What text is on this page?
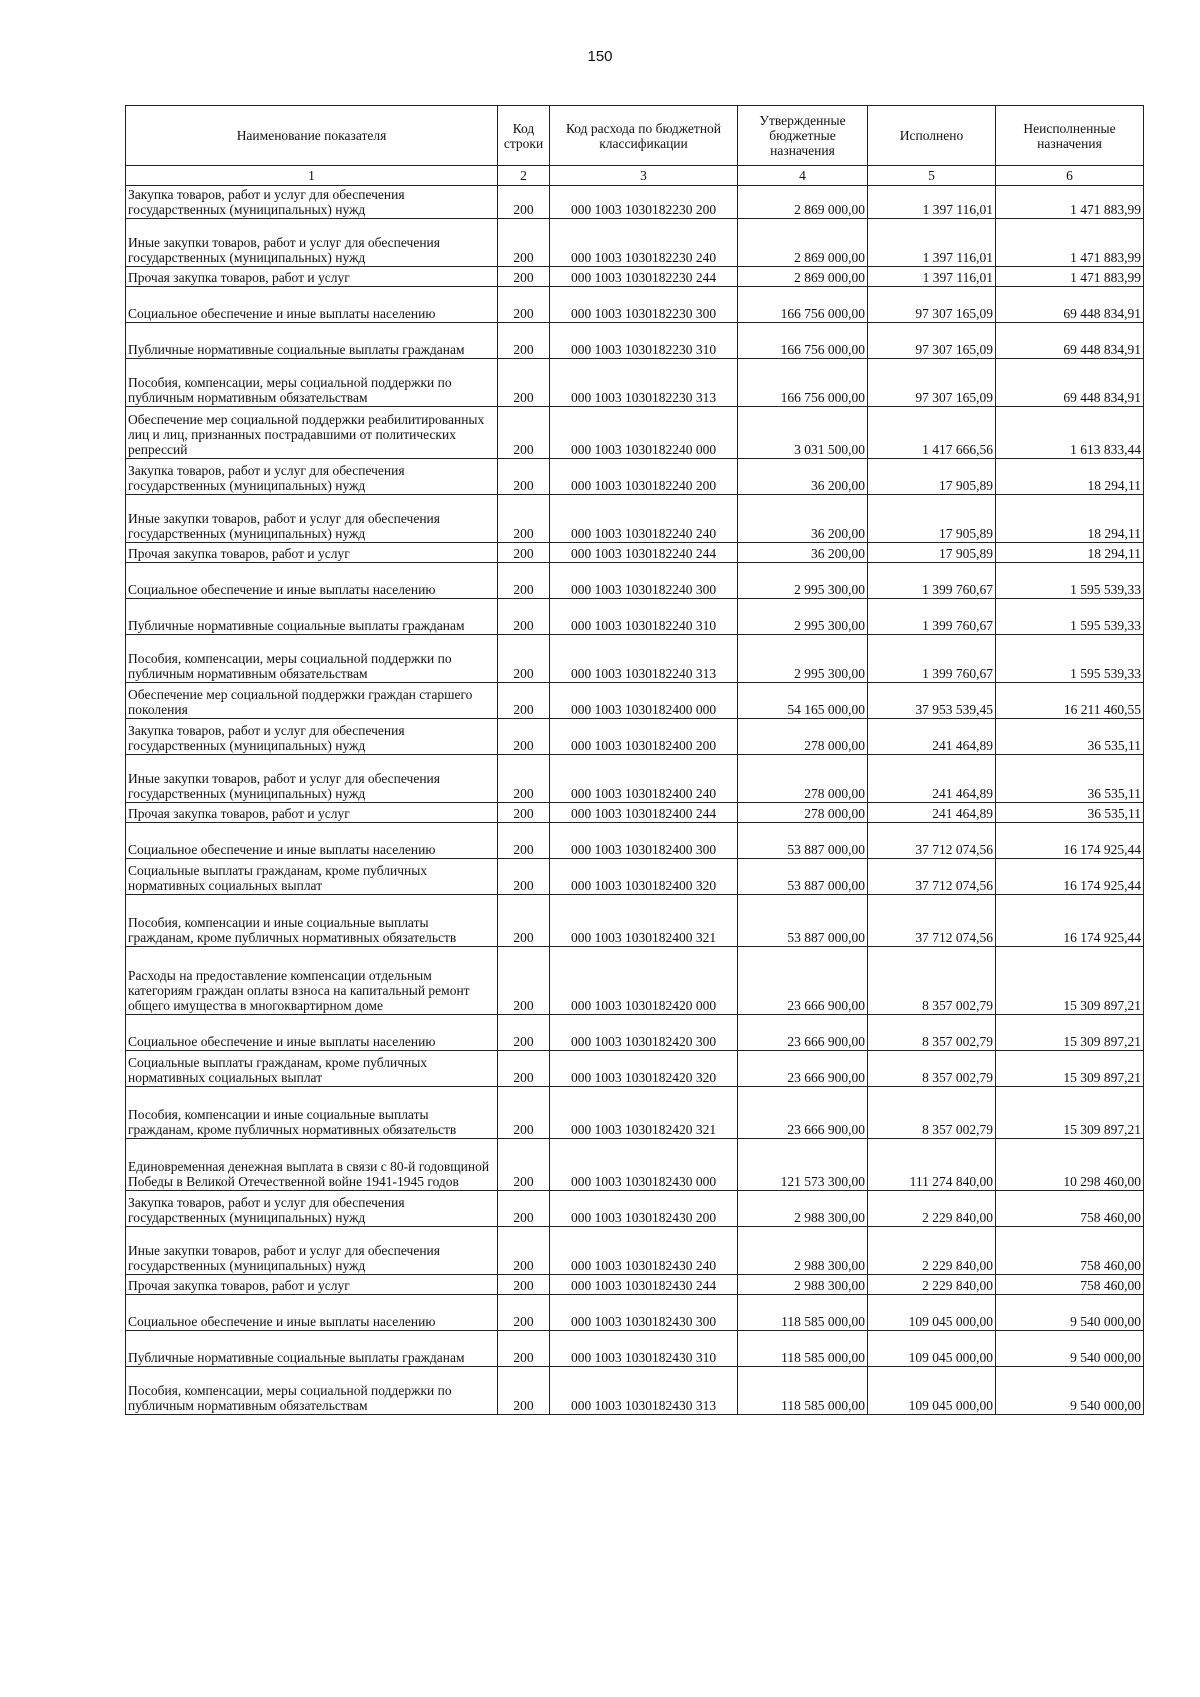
150
Наименование показателя	Код строки	Код расхода по бюджетной классификации	Утвержденные бюджетные назначения	Исполнено	Неисполненные назначения
1	2	3	4	5	6
Закупка товаров, работ и услуг для обеспечения государственных (муниципальных) нужд	200	000 1003 1030182230 200	2 869 000,00	1 397 116,01	1 471 883,99
Иные закупки товаров, работ и услуг для обеспечения государственных (муниципальных) нужд	200	000 1003 1030182230 240	2 869 000,00	1 397 116,01	1 471 883,99
Прочая закупка товаров, работ и услуг	200	000 1003 1030182230 244	2 869 000,00	1 397 116,01	1 471 883,99
Социальное обеспечение и иные выплаты населению	200	000 1003 1030182230 300	166 756 000,00	97 307 165,09	69 448 834,91
Публичные нормативные социальные выплаты гражданам	200	000 1003 1030182230 310	166 756 000,00	97 307 165,09	69 448 834,91
Пособия, компенсации, меры социальной поддержки по публичным нормативным обязательствам	200	000 1003 1030182230 313	166 756 000,00	97 307 165,09	69 448 834,91
Обеспечение мер социальной поддержки реабилитированных лиц и лиц, признанных пострадавшими от политических репрессий	200	000 1003 1030182240 000	3 031 500,00	1 417 666,56	1 613 833,44
Закупка товаров, работ и услуг для обеспечения государственных (муниципальных) нужд	200	000 1003 1030182240 200	36 200,00	17 905,89	18 294,11
Иные закупки товаров, работ и услуг для обеспечения государственных (муниципальных) нужд	200	000 1003 1030182240 240	36 200,00	17 905,89	18 294,11
Прочая закупка товаров, работ и услуг	200	000 1003 1030182240 244	36 200,00	17 905,89	18 294,11
Социальное обеспечение и иные выплаты населению	200	000 1003 1030182240 300	2 995 300,00	1 399 760,67	1 595 539,33
Публичные нормативные социальные выплаты гражданам	200	000 1003 1030182240 310	2 995 300,00	1 399 760,67	1 595 539,33
Пособия, компенсации, меры социальной поддержки по публичным нормативным обязательствам	200	000 1003 1030182240 313	2 995 300,00	1 399 760,67	1 595 539,33
Обеспечение мер социальной поддержки граждан старшего поколения	200	000 1003 1030182400 000	54 165 000,00	37 953 539,45	16 211 460,55
Закупка товаров, работ и услуг для обеспечения государственных (муниципальных) нужд	200	000 1003 1030182400 200	278 000,00	241 464,89	36 535,11
Иные закупки товаров, работ и услуг для обеспечения государственных (муниципальных) нужд	200	000 1003 1030182400 240	278 000,00	241 464,89	36 535,11
Прочая закупка товаров, работ и услуг	200	000 1003 1030182400 244	278 000,00	241 464,89	36 535,11
Социальное обеспечение и иные выплаты населению	200	000 1003 1030182400 300	53 887 000,00	37 712 074,56	16 174 925,44
Социальные выплаты гражданам, кроме публичных нормативных социальных выплат	200	000 1003 1030182400 320	53 887 000,00	37 712 074,56	16 174 925,44
Пособия, компенсации и иные социальные выплаты гражданам, кроме публичных нормативных обязательств	200	000 1003 1030182400 321	53 887 000,00	37 712 074,56	16 174 925,44
Расходы на предоставление компенсации отдельным категориям граждан оплаты взноса на капитальный ремонт общего имущества в многоквартирном доме	200	000 1003 1030182420 000	23 666 900,00	8 357 002,79	15 309 897,21
Социальное обеспечение и иные выплаты населению	200	000 1003 1030182420 300	23 666 900,00	8 357 002,79	15 309 897,21
Социальные выплаты гражданам, кроме публичных нормативных социальных выплат	200	000 1003 1030182420 320	23 666 900,00	8 357 002,79	15 309 897,21
Пособия, компенсации и иные социальные выплаты гражданам, кроме публичных нормативных обязательств	200	000 1003 1030182420 321	23 666 900,00	8 357 002,79	15 309 897,21
Единовременная денежная выплата в связи с 80-й годовщиной Победы в Великой Отечественной войне 1941-1945 годов	200	000 1003 1030182430 000	121 573 300,00	111 274 840,00	10 298 460,00
Закупка товаров, работ и услуг для обеспечения государственных (муниципальных) нужд	200	000 1003 1030182430 200	2 988 300,00	2 229 840,00	758 460,00
Иные закупки товаров, работ и услуг для обеспечения государственных (муниципальных) нужд	200	000 1003 1030182430 240	2 988 300,00	2 229 840,00	758 460,00
Прочая закупка товаров, работ и услуг	200	000 1003 1030182430 244	2 988 300,00	2 229 840,00	758 460,00
Социальное обеспечение и иные выплаты населению	200	000 1003 1030182430 300	118 585 000,00	109 045 000,00	9 540 000,00
Публичные нормативные социальные выплаты гражданам	200	000 1003 1030182430 310	118 585 000,00	109 045 000,00	9 540 000,00
Пособия, компенсации, меры социальной поддержки по публичным нормативным обязательствам	200	000 1003 1030182430 313	118 585 000,00	109 045 000,00	9 540 000,00
